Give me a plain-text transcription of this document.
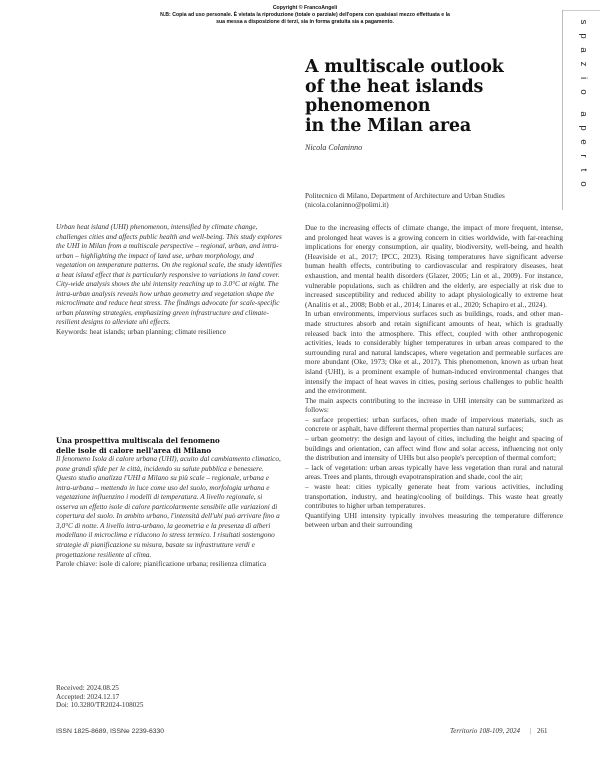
Copyright © FrancoAngeli
N.B: Copia ad uso personale. È vietata la riproduzione (totale o parziale) dell'opera con qualsiasi mezzo effettuata e la sua messa a disposizione di terzi, sia in forma gratuita sia a pagamento.	s
p
a
z
i
o
a
p
e
r
t
o
A multiscale outlook
of the heat islands
phenomenon
in the Milan area
Nicola Colaninno
Politecnico di Milano, Department of Architecture and Urban Studies
(nicola.colaninno@polimi.it)
Urban heat island (UHI) phenomenon, intensified by climate change, challenges cities and affects public health and well-being. This study explores the UHI in Milan from a multiscale perspective – regional, urban, and intra-urban – highlighting the impact of land use, urban morphology, and vegetation on temperature patterns. On the regional scale, the study identifies a heat island effect that is particularly responsive to variations in land cover. City-wide analysis shows the uhi intensity reaching up to 3.0°C at night. The intra-urban analysis reveals how urban geometry and vegetation shape the microclimate and reduce heat stress. The findings advocate for scale-specific urban planning strategies, emphasizing green infrastructure and climate-resilient designs to alleviate uhi effects.
Keywords: heat islands; urban planning; climate resilience
Una prospettiva multiscala del fenomeno
delle isole di calore nell'area di Milano
Il fenomeno Isola di calore urbana (UHI), acuito dal cambiamento climatico, pone grandi sfide per le città, incidendo su salute pubblica e benessere. Questo studio analizza l'UHI a Milano su più scale – regionale, urbana e intra-urbana – mettendo in luce come uso del suolo, morfologia urbana e vegetazione influenzino i modelli di temperatura. A livello regionale, si osserva un effetto isole di calore particolarmente sensibile alle variazioni di copertura del suolo. In ambito urbano, l'intensità dell'uhi può arrivare fino a 3,0°C di notte. A livello intra-urbano, la geometria e la presenza di alberi modellano il microclima e riducono lo stress termico. I risultati sostengono strategie di pianificazione su misura, basate su infrastrutture verdi e progettazione resiliente al clima.
Parole chiave: isole di calore; pianificazione urbana; resilienza climatica
Received: 2024.08.25
Accepted: 2024.12.17
Doi: 10.3280/TR2024-108025

Due to the increasing effects of climate change, the impact of more frequent, intense, and prolonged heat waves is a growing concern in cities worldwide, with far-reaching implications for energy consumption, air quality, biodiversity, well-being, and health (Heaviside et al., 2017; IPCC, 2023). Rising temperatures have significant adverse human health effects, contributing to cardiovascular and respiratory diseases, heat exhaustion, and mental health disorders (Glazer, 2005; Lin et al., 2009). For instance, vulnerable populations, such as children and the elderly, are especially at risk due to increased susceptibility and reduced ability to adapt physiologically to extreme heat (Analitis et al., 2008; Bobb et al., 2014; Linares et al., 2020; Schapiro et al., 2024).

In urban environments, impervious surfaces such as buildings, roads, and other man-made structures absorb and retain significant amounts of heat, which is gradually released back into the atmosphere. This effect, coupled with other anthropogenic activities, leads to considerably higher temperatures in urban areas compared to the surrounding rural and natural landscapes, where vegetation and permeable surfaces are more abundant (Oke, 1973; Oke et al., 2017). This phenomenon, known as urban heat island (UHI), is a prominent example of human-induced environmental changes that intensify the impact of heat waves in cities, posing serious challenges to public health and the environment.

The main aspects contributing to the increase in UHI intensity can be summarized as follows:

– surface properties: urban surfaces, often made of impervious materials, such as concrete or asphalt, have different thermal properties than natural surfaces;

– urban geometry: the design and layout of cities, including the height and spacing of buildings and orientation, can affect wind flow and solar access, influencing not only the distribution and intensity of UHIs but also people's perception of thermal comfort;

– lack of vegetation: urban areas typically have less vegetation than rural and natural areas. Trees and plants, through evapotranspiration and shade, cool the air;

– waste heat: cities typically generate heat from various activities, including transportation, industry, and heating/cooling of buildings. This waste heat greatly contributes to higher urban temperatures.

Quantifying UHI intensity typically involves measuring the temperature difference between urban and their surrounding

ISSN 1825-8689, ISSNe 2239-6330	Territorio 108-109, 2024 | 261
